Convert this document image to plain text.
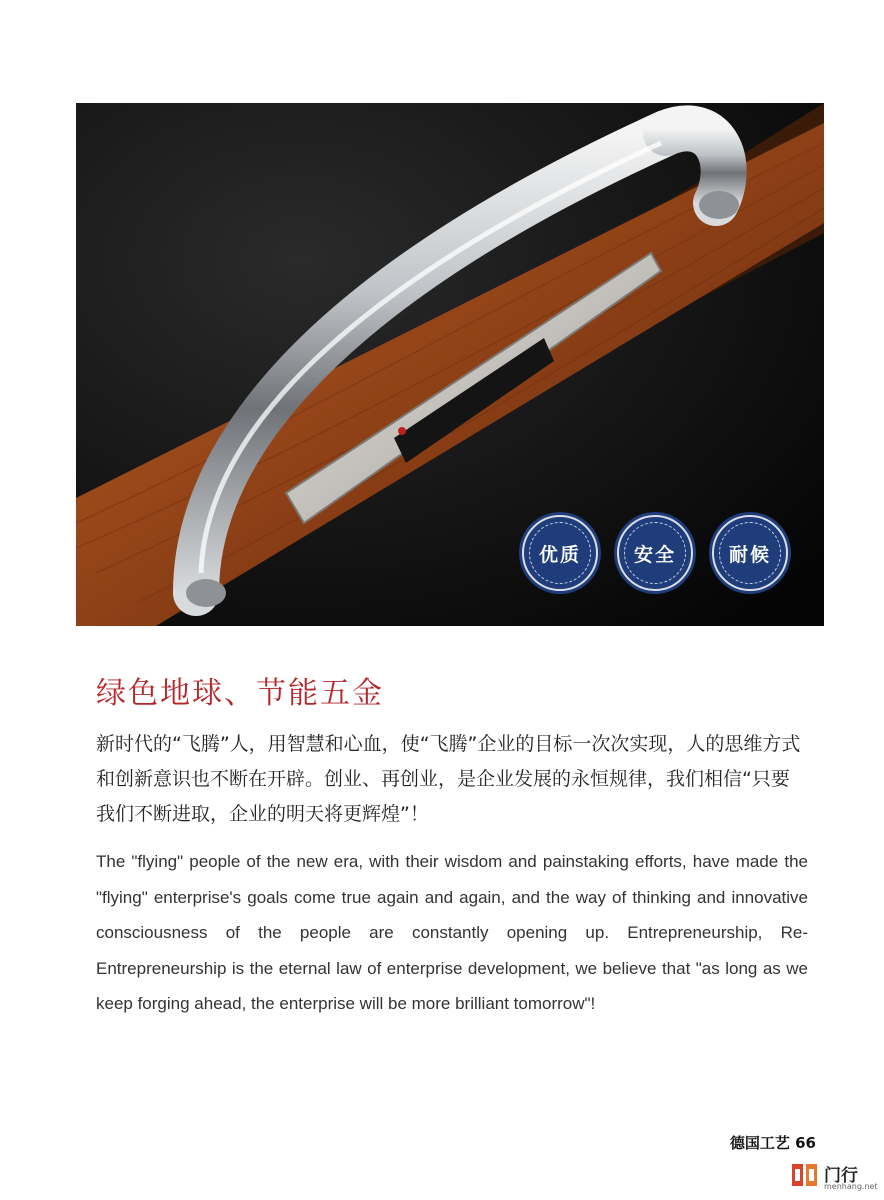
优质	安全	耐候
绿色地球、节能五金

新时代的“飞腾”人，用智慧和心血，使“飞腾”企业的目标一次次实现，人的思维方式和创新意识也不断在开辟。创业、再创业，是企业发展的永恒规律，我们相信“只要我们不断进取，企业的明天将更辉煌”！

The "flying" people of the new era, with their wisdom and painstaking efforts, have made the "flying" enterprise's goals come true again and again, and the way of thinking and innovative consciousness of the people are constantly opening up. Entrepreneurship, Re-Entrepreneurship is the eternal law of enterprise development, we believe that "as long as we keep forging ahead, the enterprise will be more brilliant tomorrow"!

德国工艺 66

门行
menhang.net
